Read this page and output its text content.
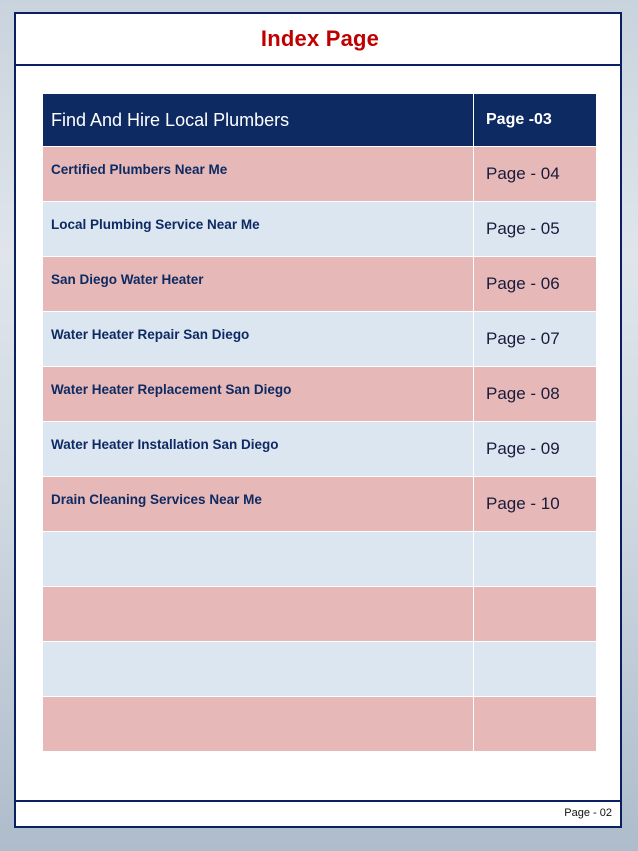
Index Page
Find And Hire Local Plumbers	Page -03
Certified Plumbers Near Me	Page - 04
Local Plumbing Service Near Me	Page - 05
San Diego Water Heater	Page - 06
Water Heater Repair San Diego	Page - 07
Water Heater Replacement San Diego	Page - 08
Water Heater Installation San Diego	Page - 09
Drain Cleaning Services Near Me	Page - 10

Page - 02
